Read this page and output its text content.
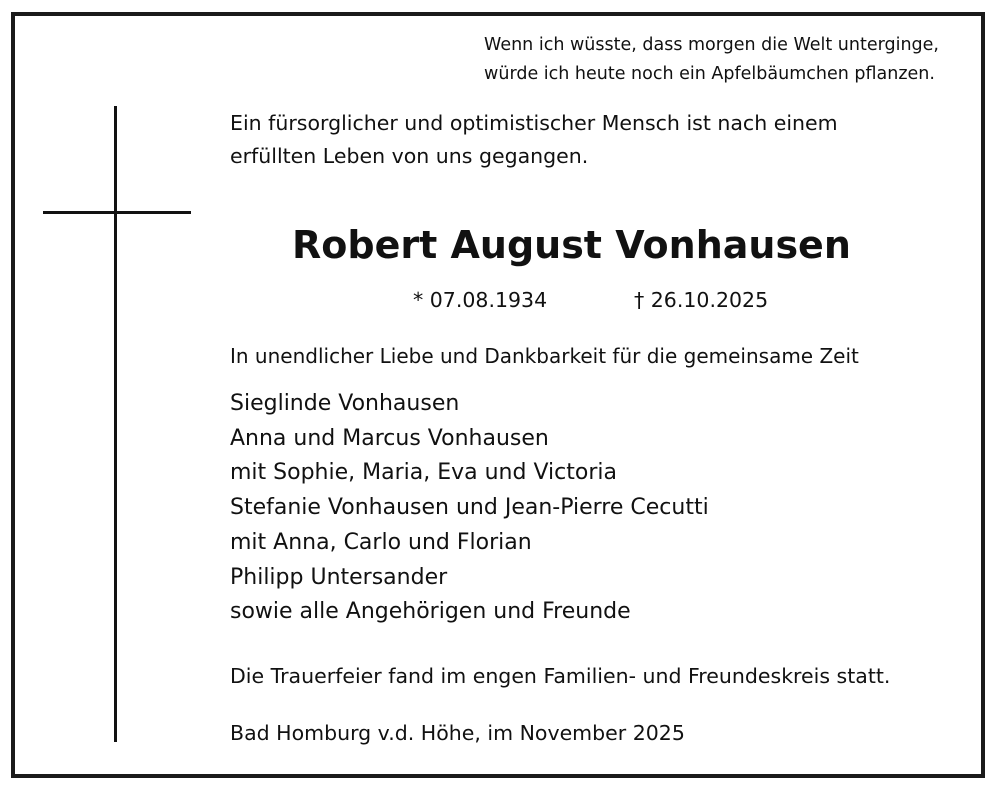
Wenn ich wüsste, dass morgen die Welt unterginge,
würde ich heute noch ein Apfelbäumchen pflanzen.
Ein fürsorglicher und optimistischer Mensch ist nach einem
erfüllten Leben von uns gegangen.
Robert August Vonhausen
* 07.08.1934	† 26.10.2025
In unendlicher Liebe und Dankbarkeit für die gemeinsame Zeit
Sieglinde Vonhausen
Anna und Marcus Vonhausen
mit Sophie, Maria, Eva und Victoria
Stefanie Vonhausen und Jean-Pierre Cecutti
mit Anna, Carlo und Florian
Philipp Untersander
sowie alle Angehörigen und Freunde
Die Trauerfeier fand im engen Familien- und Freundeskreis statt.
Bad Homburg v.d. Höhe, im November 2025
